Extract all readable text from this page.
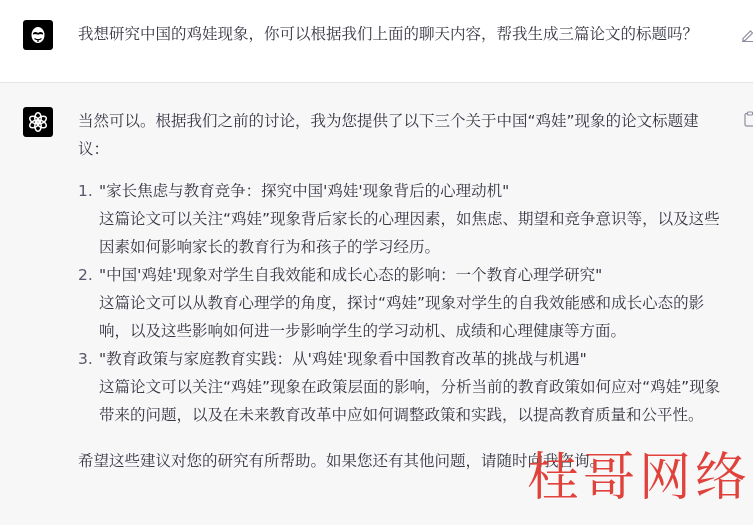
我想研究中国的鸡娃现象，你可以根据我们上面的聊天内容，帮我生成三篇论文的标题吗？

当然可以。根据我们之前的讨论，我为您提供了以下三个关于中国“鸡娃”现象的论文标题建议：

1. "家长焦虑与教育竞争：探究中国'鸡娃'现象背后的心理动机"
这篇论文可以关注“鸡娃”现象背后家长的心理因素，如焦虑、期望和竞争意识等，以及这些因素如何影响家长的教育行为和孩子的学习经历。
2. "中国'鸡娃'现象对学生自我效能和成长心态的影响：一个教育心理学研究"
这篇论文可以从教育心理学的角度，探讨“鸡娃”现象对学生的自我效能感和成长心态的影响，以及这些影响如何进一步影响学生的学习动机、成绩和心理健康等方面。
3. "教育政策与家庭教育实践：从'鸡娃'现象看中国教育改革的挑战与机遇"
这篇论文可以关注“鸡娃”现象在政策层面的影响，分析当前的教育政策如何应对“鸡娃”现象带来的问题，以及在未来教育改革中应如何调整政策和实践，以提高教育质量和公平性。

希望这些建议对您的研究有所帮助。如果您还有其他问题，请随时向我咨询。

桂哥网络
